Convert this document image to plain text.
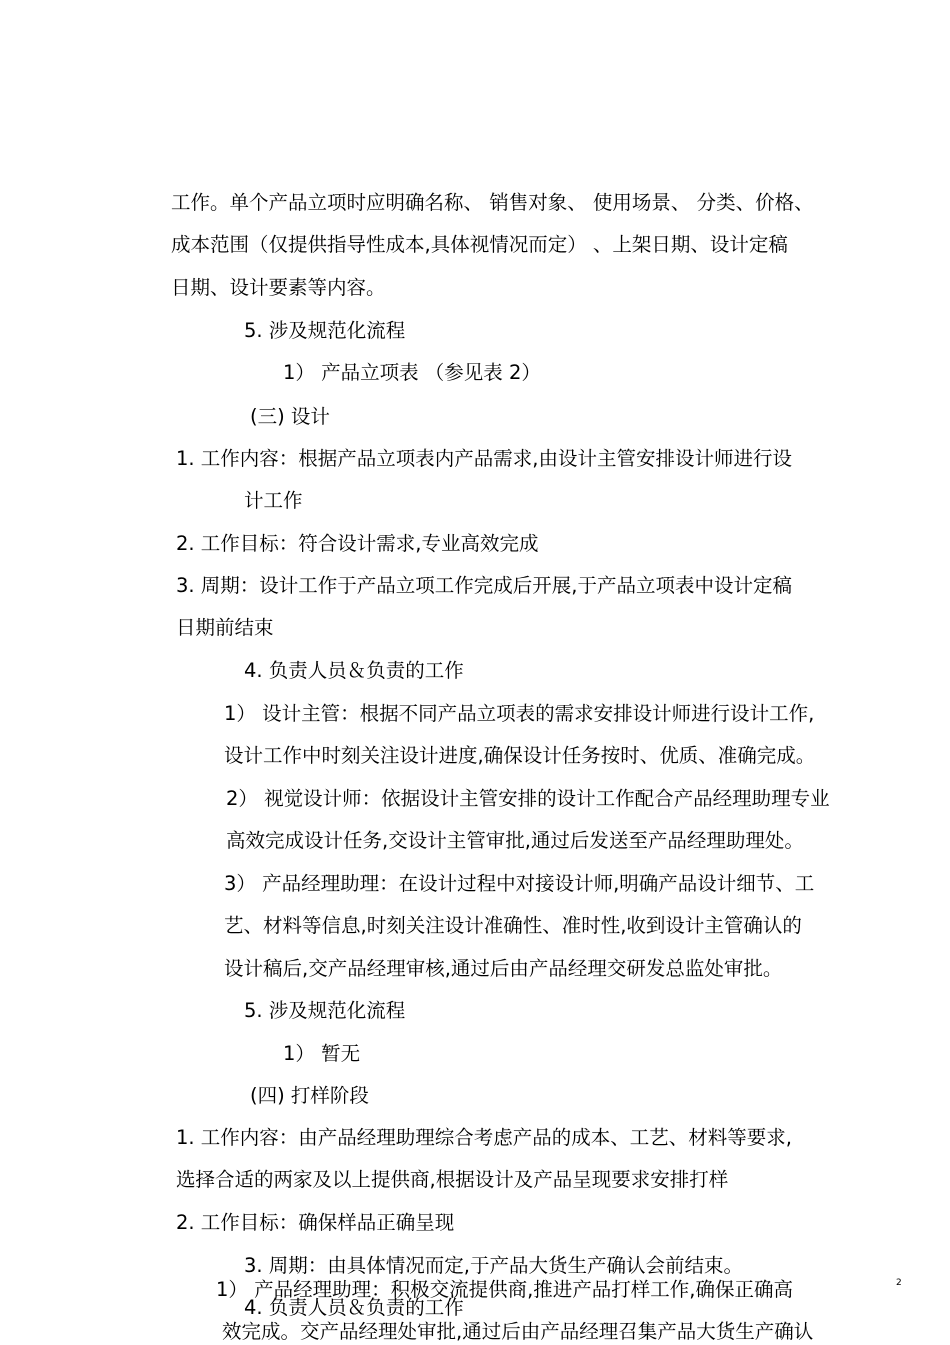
工作。单个产品立项时应明确名称、 销售对象、 使用场景、 分类、价格、
成本范围（仅提供指导性成本,具体视情况而定） 、上架日期、设计定稿
日期、设计要素等内容。
5. 涉及规范化流程
1） 产品立项表 （参见表 2）
(三) 设计
1. 工作内容：根据产品立项表内产品需求,由设计主管安排设计师进行设
计工作
2. 工作目标：符合设计需求,专业高效完成
3. 周期：设计工作于产品立项工作完成后开展,于产品立项表中设计定稿
日期前结束
4. 负责人员＆负责的工作
1） 设计主管：根据不同产品立项表的需求安排设计师进行设计工作,
设计工作中时刻关注设计进度,确保设计任务按时、优质、准确完成。
2） 视觉设计师：依据设计主管安排的设计工作配合产品经理助理专业
高效完成设计任务,交设计主管审批,通过后发送至产品经理助理处。
3） 产品经理助理：在设计过程中对接设计师,明确产品设计细节、工
艺、材料等信息,时刻关注设计准确性、准时性,收到设计主管确认的
设计稿后,交产品经理审核,通过后由产品经理交研发总监处审批。
5. 涉及规范化流程
1） 暂无
(四) 打样阶段
1. 工作内容：由产品经理助理综合考虑产品的成本、工艺、材料等要求,
选择合适的两家及以上提供商,根据设计及产品呈现要求安排打样
2. 工作目标：确保样品正确呈现
3. 周期：由具体情况而定,于产品大货生产确认会前结束。
1） 产品经理助理：积极交流提供商,推进产品打样工作,确保正确高
4. 负责人员＆负责的工作
效完成。交产品经理处审批,通过后由产品经理召集产品大货生产确认
2
